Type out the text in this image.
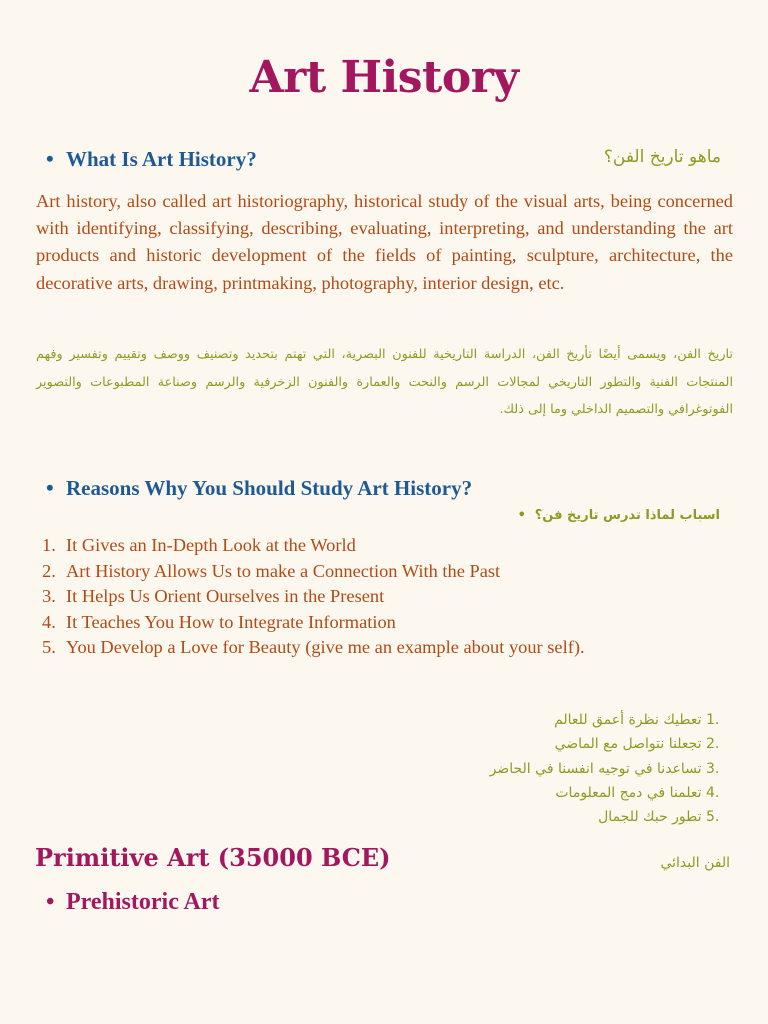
Art History
• What Is Art History?	ماهو تاريخ الفن؟
Art history, also called art historiography, historical study of the visual arts, being concerned with identifying, classifying, describing, evaluating, interpreting, and understanding the art products and historic development of the fields of painting, sculpture, architecture, the decorative arts, drawing, printmaking, photography, interior design, etc.
تاريخ الفن، ويسمى أيضًا تأريخ الفن، الدراسة التاريخية للفنون البصرية، التي تهتم بتحديد وتصنيف ووصف وتقييم وتفسير وفهم المنتجات الفنية والتطور التاريخي لمجالات الرسم والنحت والعمارة والفنون الزخرفية والرسم وصناعة المطبوعات والتصوير الفوتوغرافي والتصميم الداخلي وما إلى ذلك.
• Reasons Why You Should Study Art History?
اسباب لماذا تدرس تاريخ فن؟•
1. It Gives an In-Depth Look at the World
2. Art History Allows Us to make a Connection With the Past
3. It Helps Us Orient Ourselves in the Present
4. It Teaches You How to Integrate Information
5. You Develop a Love for Beauty (give me an example about your self).
.1 تعطيك نظرة أعمق للعالم
.2 تجعلنا نتواصل مع الماضي
.3 تساعدنا في توجيه انفسنا في الحاضر
.4 تعلمنا في دمج المعلومات
.5 تطور حبك للجمال
Primitive Art (35000 BCE)	الفن البدائي
• Prehistoric Art
